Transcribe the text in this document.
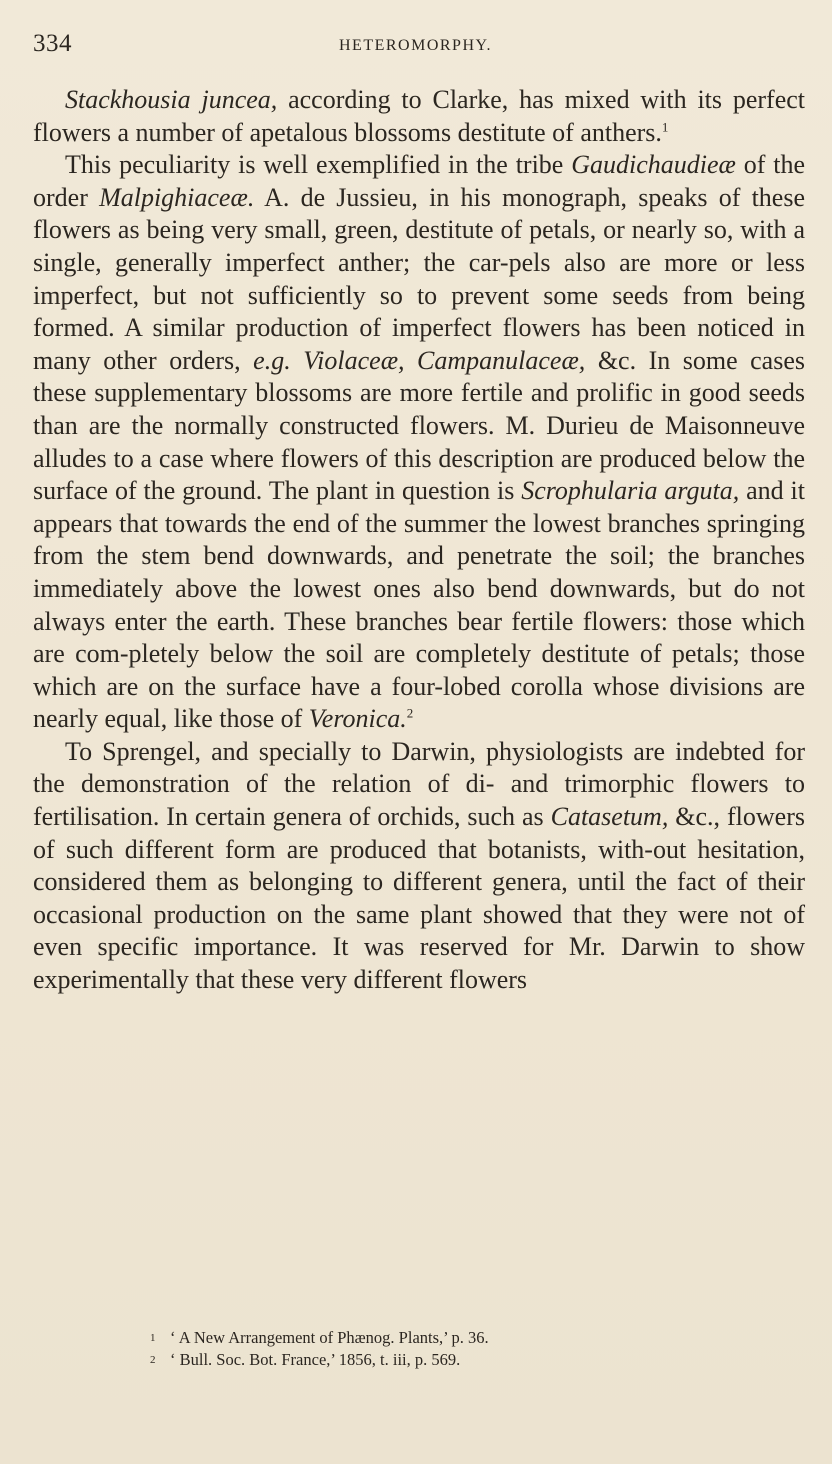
334	HETEROMORPHY.

Stackhousia juncea, according to Clarke, has mixed with its perfect flowers a number of apetalous blossoms destitute of anthers.$^1$

This peculiarity is well exemplified in the tribe Gaudichaudieæ of the order Malpighiaceæ. A. de Jussieu, in his monograph, speaks of these flowers as being very small, green, destitute of petals, or nearly so, with a single, generally imperfect anther; the car-pels also are more or less imperfect, but not sufficiently so to prevent some seeds from being formed. A similar production of imperfect flowers has been noticed in many other orders, e.g. Violaceæ, Campanulaceæ, &c. In some cases these supplementary blossoms are more fertile and prolific in good seeds than are the normally constructed flowers. M. Durieu de Maisonneuve alludes to a case where flowers of this description are produced below the surface of the ground. The plant in question is Scrophularia arguta, and it appears that towards the end of the summer the lowest branches springing from the stem bend downwards, and penetrate the soil; the branches immediately above the lowest ones also bend downwards, but do not always enter the earth. These branches bear fertile flowers: those which are com-pletely below the soil are completely destitute of petals; those which are on the surface have a four-lobed corolla whose divisions are nearly equal, like those of Veronica.$^2$

To Sprengel, and specially to Darwin, physiologists are indebted for the demonstration of the relation of di- and trimorphic flowers to fertilisation. In certain genera of orchids, such as Catasetum, &c., flowers of such different form are produced that botanists, with-out hesitation, considered them as belonging to different genera, until the fact of their occasional production on the same plant showed that they were not of even specific importance. It was reserved for Mr. Darwin to show experimentally that these very different flowers

1 ‘ A New Arrangement of Phænog. Plants,’ p. 36.
2 ‘ Bull. Soc. Bot. France,’ 1856, t. iii, p. 569.
